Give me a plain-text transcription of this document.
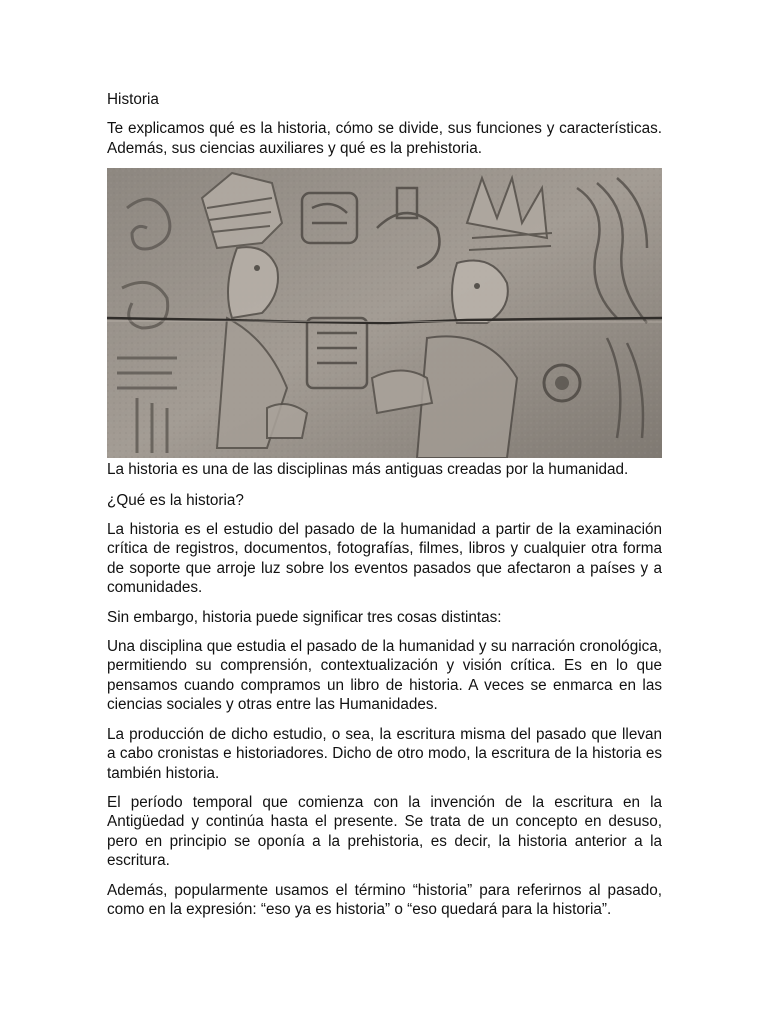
Historia

Te explicamos qué es la historia, cómo se divide, sus funciones y características. Además, sus ciencias auxiliares y qué es la prehistoria.

La historia es una de las disciplinas más antiguas creadas por la humanidad.

¿Qué es la historia?

La historia es el estudio del pasado de la humanidad a partir de la examinación crítica de registros, documentos, fotografías, filmes, libros y cualquier otra forma de soporte que arroje luz sobre los eventos pasados que afectaron a países y a comunidades.

Sin embargo, historia puede significar tres cosas distintas:

Una disciplina que estudia el pasado de la humanidad y su narración cronológica, permitiendo su comprensión, contextualización y visión crítica. Es en lo que pensamos cuando compramos un libro de historia. A veces se enmarca en las ciencias sociales y otras entre las Humanidades.

La producción de dicho estudio, o sea, la escritura misma del pasado que llevan a cabo cronistas e historiadores. Dicho de otro modo, la escritura de la historia es también historia.

El período temporal que comienza con la invención de la escritura en la Antigüedad y continúa hasta el presente. Se trata de un concepto en desuso, pero en principio se oponía a la prehistoria, es decir, la historia anterior a la escritura.

Además, popularmente usamos el término “historia” para referirnos al pasado, como en la expresión: “eso ya es historia” o “eso quedará para la historia”.
